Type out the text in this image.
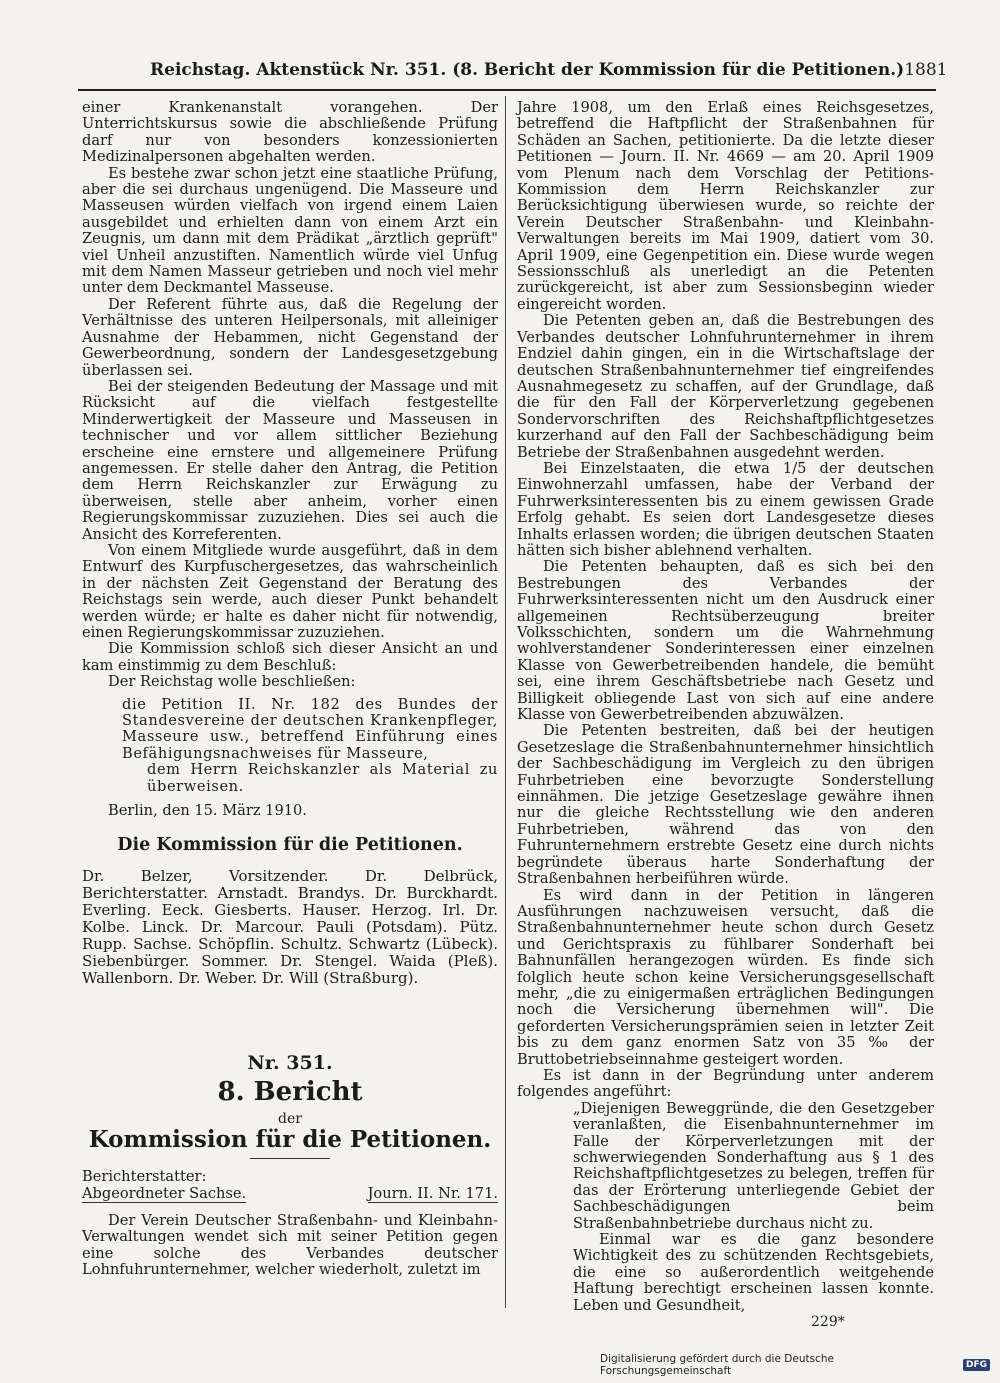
Reichstag. Aktenstück Nr. 351. (8. Bericht der Kommission für die Petitionen.) 1881

einer Krankenanstalt vorangehen. Der Unterrichtskursus sowie die abschließende Prüfung darf nur von besonders konzessionierten Medizinalpersonen abgehalten werden.

Es bestehe zwar schon jetzt eine staatliche Prüfung, aber die sei durchaus ungenügend. Die Masseure und Masseusen würden vielfach von irgend einem Laien ausgebildet und erhielten dann von einem Arzt ein Zeugnis, um dann mit dem Prädikat „ärztlich geprüft" viel Unheil anzustiften. Namentlich würde viel Unfug mit dem Namen Masseur getrieben und noch viel mehr unter dem Deckmantel Masseuse.

Der Referent führte aus, daß die Regelung der Verhältnisse des unteren Heilpersonals, mit alleiniger Ausnahme der Hebammen, nicht Gegenstand der Gewerbeordnung, sondern der Landesgesetzgebung überlassen sei.

Bei der steigenden Bedeutung der Massage und mit Rücksicht auf die vielfach festgestellte Minderwertigkeit der Masseure und Masseusen in technischer und vor allem sittlicher Beziehung erscheine eine ernstere und allgemeinere Prüfung angemessen. Er stelle daher den Antrag, die Petition dem Herrn Reichskanzler zur Erwägung zu überweisen, stelle aber anheim, vorher einen Regierungskommissar zuzuziehen. Dies sei auch die Ansicht des Korreferenten.

Von einem Mitgliede wurde ausgeführt, daß in dem Entwurf des Kurpfuschergesetzes, das wahrscheinlich in der nächsten Zeit Gegenstand der Beratung des Reichstags sein werde, auch dieser Punkt behandelt werden würde; er halte es daher nicht für notwendig, einen Regierungskommissar zuzuziehen.

Die Kommission schloß sich dieser Ansicht an und kam einstimmig zu dem Beschluß:

Der Reichstag wolle beschließen:

die Petition II. Nr. 182 des Bundes der Standesvereine der deutschen Krankenpfleger, Masseure usw., betreffend Einführung eines Befähigungsnachweises für Masseure,

dem Herrn Reichskanzler als Material zu überweisen.

Berlin, den 15. März 1910.

Die Kommission für die Petitionen.

Dr. Belzer, Vorsitzender. Dr. Delbrück, Berichterstatter. Arnstadt. Brandys. Dr. Burckhardt. Everling. Eeck. Giesberts. Hauser. Herzog. Irl. Dr. Kolbe. Linck. Dr. Marcour. Pauli (Potsdam). Pütz. Rupp. Sachse. Schöpflin. Schultz. Schwartz (Lübeck). Siebenbürger. Sommer. Dr. Stengel. Waida (Pleß). Wallenborn. Dr. Weber. Dr. Will (Straßburg).

Nr. 351.

8. Bericht

der

Kommission für die Petitionen.

Berichterstatter:

Abgeordneter Sachse.	Journ. II. Nr. 171.

Der Verein Deutscher Straßenbahn- und Kleinbahn-Verwaltungen wendet sich mit seiner Petition gegen eine solche des Verbandes deutscher Lohnfuhrunternehmer, welcher wiederholt, zuletzt im

Jahre 1908, um den Erlaß eines Reichsgesetzes, betreffend die Haftpflicht der Straßenbahnen für Schäden an Sachen, petitionierte. Da die letzte dieser Petitionen — Journ. II. Nr. 4669 — am 20. April 1909 vom Plenum nach dem Vorschlag der Petitions-Kommission dem Herrn Reichskanzler zur Berücksichtigung überwiesen wurde, so reichte der Verein Deutscher Straßenbahn- und Kleinbahn-Verwaltungen bereits im Mai 1909, datiert vom 30. April 1909, eine Gegenpetition ein. Diese wurde wegen Sessionsschluß als unerledigt an die Petenten zurückgereicht, ist aber zum Sessionsbeginn wieder eingereicht worden.

Die Petenten geben an, daß die Bestrebungen des Verbandes deutscher Lohnfuhrunternehmer in ihrem Endziel dahin gingen, ein in die Wirtschaftslage der deutschen Straßenbahnunternehmer tief eingreifendes Ausnahmegesetz zu schaffen, auf der Grundlage, daß die für den Fall der Körperverletzung gegebenen Sondervorschriften des Reichshaftpflichtgesetzes kurzerhand auf den Fall der Sachbeschädigung beim Betriebe der Straßenbahnen ausgedehnt werden.

Bei Einzelstaaten, die etwa 1/5 der deutschen Einwohnerzahl umfassen, habe der Verband der Fuhrwerksinteressenten bis zu einem gewissen Grade Erfolg gehabt. Es seien dort Landesgesetze dieses Inhalts erlassen worden; die übrigen deutschen Staaten hätten sich bisher ablehnend verhalten.

Die Petenten behaupten, daß es sich bei den Bestrebungen des Verbandes der Fuhrwerksinteressenten nicht um den Ausdruck einer allgemeinen Rechtsüberzeugung breiter Volksschichten, sondern um die Wahrnehmung wohlverstandener Sonderinteressen einer einzelnen Klasse von Gewerbetreibenden handele, die bemüht sei, eine ihrem Geschäftsbetriebe nach Gesetz und Billigkeit obliegende Last von sich auf eine andere Klasse von Gewerbetreibenden abzuwälzen.

Die Petenten bestreiten, daß bei der heutigen Gesetzeslage die Straßenbahnunternehmer hinsichtlich der Sachbeschädigung im Vergleich zu den übrigen Fuhrbetrieben eine bevorzugte Sonderstellung einnähmen. Die jetzige Gesetzeslage gewähre ihnen nur die gleiche Rechtsstellung wie den anderen Fuhrbetrieben, während das von den Fuhrunternehmern erstrebte Gesetz eine durch nichts begründete überaus harte Sonderhaftung der Straßenbahnen herbeiführen würde.

Es wird dann in der Petition in längeren Ausführungen nachzuweisen versucht, daß die Straßenbahnunternehmer heute schon durch Gesetz und Gerichtspraxis zu fühlbarer Sonderhaft bei Bahnunfällen herangezogen würden. Es finde sich folglich heute schon keine Versicherungsgesellschaft mehr, „die zu einigermaßen erträglichen Bedingungen noch die Versicherung übernehmen will". Die geforderten Versicherungsprämien seien in letzter Zeit bis zu dem ganz enormen Satz von 35 ‰ der Bruttobetriebseinnahme gesteigert worden.

Es ist dann in der Begründung unter anderem folgendes angeführt:

„Diejenigen Beweggründe, die den Gesetzgeber veranlaßten, die Eisenbahnunternehmer im Falle der Körperverletzungen mit der schwerwiegenden Sonderhaftung aus § 1 des Reichshaftpflichtgesetzes zu belegen, treffen für das der Erörterung unterliegende Gebiet der Sachbeschädigungen beim Straßenbahnbetriebe durchaus nicht zu.

Einmal war es die ganz besondere Wichtigkeit des zu schützenden Rechtsgebiets, die eine so außerordentlich weitgehende Haftung berechtigt erscheinen lassen konnte. Leben und Gesundheit,

229*
Digitalisierung gefördert durch die Deutsche Forschungsgemeinschaft	DFG
